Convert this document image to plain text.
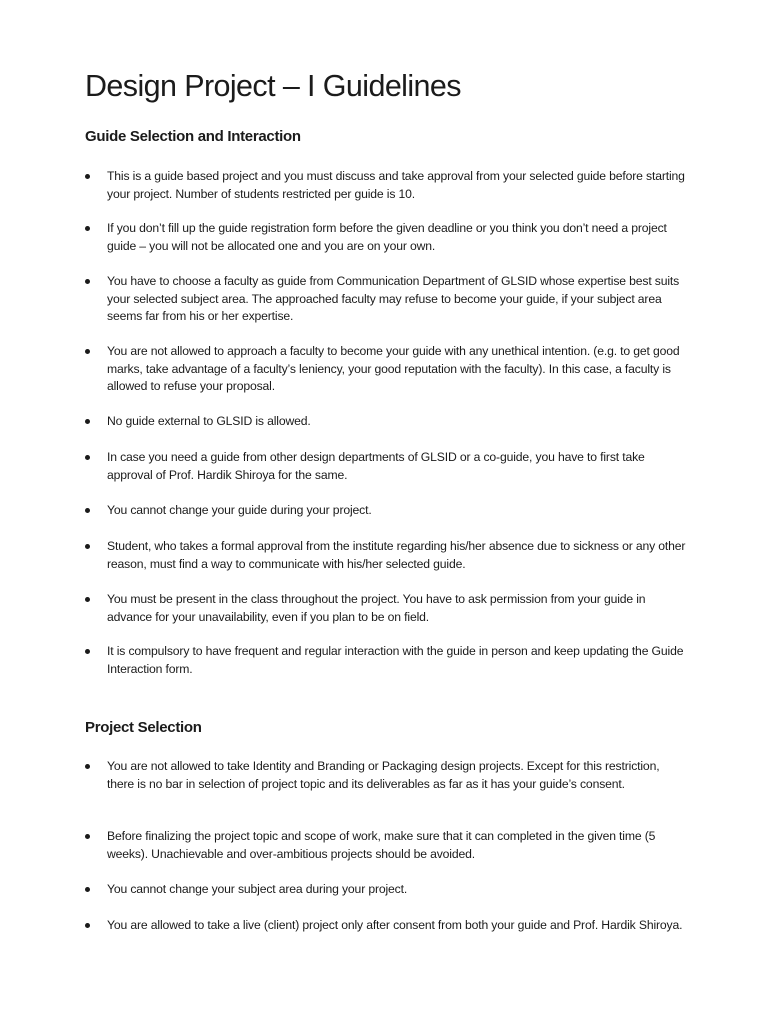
Design Project – I Guidelines
Guide Selection and Interaction

This is a guide based project and you must discuss and take approval from your selected guide before starting your project. Number of students restricted per guide is 10.

If you don’t fill up the guide registration form before the given deadline or you think you don’t need a project guide – you will not be allocated one and you are on your own.

You have to choose a faculty as guide from Communication Department of GLSID whose expertise best suits your selected subject area. The approached faculty may refuse to become your guide, if your subject area seems far from his or her expertise.

You are not allowed to approach a faculty to become your guide with any unethical intention. (e.g. to get good marks, take advantage of a faculty’s leniency, your good reputation with the faculty). In this case, a faculty is allowed to refuse your proposal.

No guide external to GLSID is allowed.

In case you need a guide from other design departments of GLSID or a co-guide, you have to first take approval of Prof. Hardik Shiroya for the same.

You cannot change your guide during your project.

Student, who takes a formal approval from the institute regarding his/her absence due to sickness or any other reason, must find a way to communicate with his/her selected guide.

You must be present in the class throughout the project. You have to ask permission from your guide in advance for your unavailability, even if you plan to be on field.

It is compulsory to have frequent and regular interaction with the guide in person and keep updating the Guide Interaction form.

Project Selection

You are not allowed to take Identity and Branding or Packaging design projects. Except for this restriction, there is no bar in selection of project topic and its deliverables as far as it has your guide’s consent.

Before finalizing the project topic and scope of work, make sure that it can completed in the given time (5 weeks). Unachievable and over-ambitious projects should be avoided.

You cannot change your subject area during your project.

You are allowed to take a live (client) project only after consent from both your guide and Prof. Hardik Shiroya.
